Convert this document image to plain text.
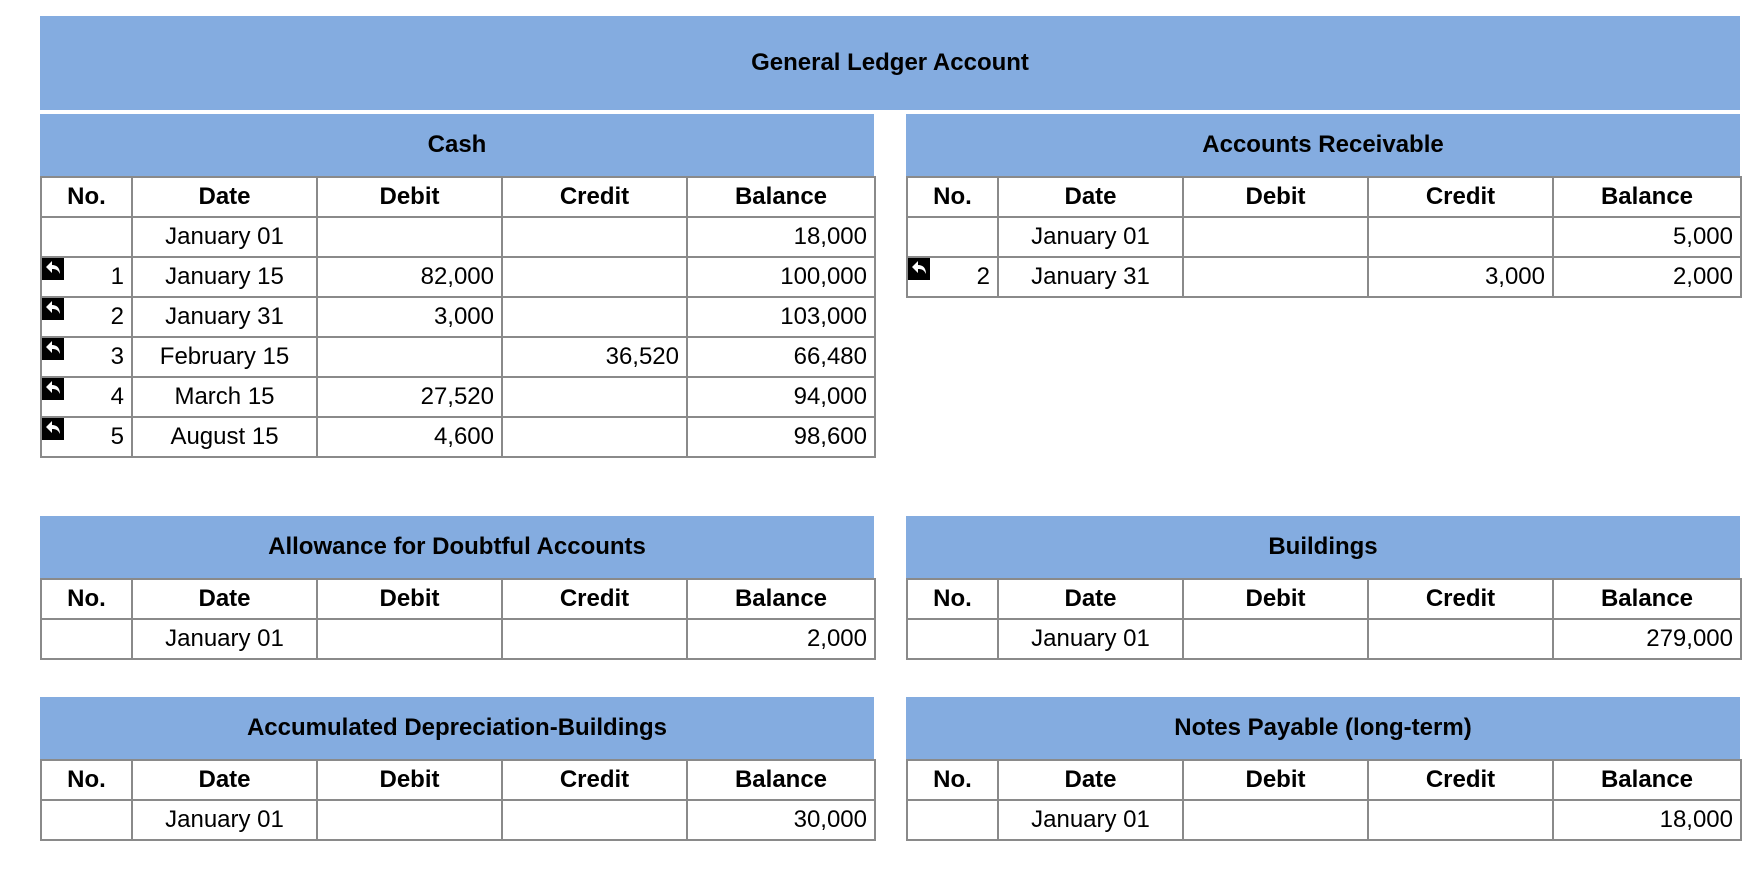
General Ledger Account
Cash
No.	Date	Debit	Credit	Balance
	January 01			18,000

1	January 15	82,000		100,000

2	January 31	3,000		103,000

3	February 15		36,520	66,480

4	March 15	27,520		94,000

5	August 15	4,600		98,600
Accounts Receivable
No.	Date	Debit	Credit	Balance
	January 01			5,000

2	January 31		3,000	2,000
Allowance for Doubtful Accounts
No.	Date	Debit	Credit	Balance
	January 01			2,000
Buildings
No.	Date	Debit	Credit	Balance
	January 01			279,000
Accumulated Depreciation-Buildings
No.	Date	Debit	Credit	Balance
	January 01			30,000
Notes Payable (long-term)
No.	Date	Debit	Credit	Balance
	January 01			18,000
